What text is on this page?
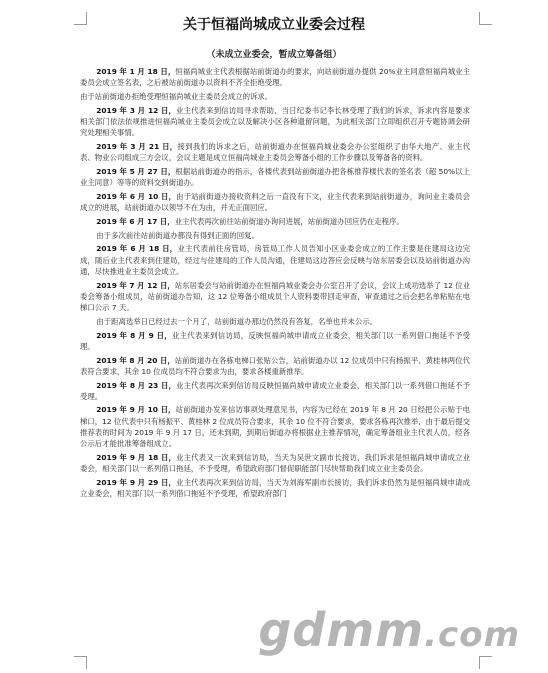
关于恒福尚城成立业委会过程
（未成立业委会，暂成立筹备组）

2019 年 1 月 18 日，恒福尚城业主代表根据站前街道办的要求，向站前街道办提供 20%业主同意恒福尚城业主委员会成立签名表，之后被站前街道办以资料不齐全拒绝受理。

由于站前街道办拒绝受理恒福尚城业主委员会成立的诉求。

2019 年 3 月 12 日，业主代表来到信访局寻求帮助，当日纪委书记李长林受理了我们的诉求，诉求内容是要求相关部门依法依规推进恒福尚城业主委员会成立以及解决小区各种遗留问题，为此相关部门立即组织召开专题协调会研究处理相关事情。

2019 年 3 月 21 日，接到我们的诉求之后，站前街道办在恒福尚城业委会办公室组织了由华大地产、业主代表、物业公司组成三方会议，会议主题是成立恒福尚城业主委员会筹备小组的工作步骤以及筹备各的资料。

2019 年 5 月 27 日，根据站前街道办的指示，各楼代表到站前街道办把各栋推荐楼代表的签名表（超 50%以上业主同意）等等的资料交到街道办。

2019 年 6 月 10 日，由于站前街道办接收资料之后一直没有下文，业主代表来到站前街道办，询问业主委员会成立的进展，站前街道办以领导不在为由，并无正面回应。

2019 年 6 月 17 日，业主代表再次前往站前街道办询问进展，站前街道办回应仍在走程序。

由于多次前往站前街道办都没有得到正面的回复。

2019 年 6 月 18 日，业主代表前往房管局，房管局工作人员告知小区业委会成立的工作主要是住建局这边完成，随后业主代表来到住建局，经过与住建局的工作人员沟通，住建局这边答应会反映与站东居委会以及站前街道办沟通，尽快推进业主委员会成立。

2019 年 7 月 12 日，站东居委会与站前街道办在恒福尚城业委会办公室召开了会议，会议上成功选举了 12 位业委会筹备小组成员，站前街道办告知，这 12 位筹备小组成员个人资料要带回走审查，审查通过之后会把名单粘贴在电梯口公示 7 天。

由于距离选举日已经过去一个月了，站前街道办那边仍然没有答复，名单也并未公示。

2019 年 8 月 9 日，业主代表来到信访局，反映恒福尚城申请成立业委会，相关部门以一系列借口拖延不予受理。

2019 年 8 月 20 日，站前街道办在各栋电梯口张贴公告，站前街道办以 12 位成员中只有杨振平、黄桂林两位代表符合要求，其余 10 位成员均不符合要求为由，要求各楼重新推举。

2019 年 8 月 23 日，业主代表再次来到信访局反映恒福尚城申请成立业委会，相关部门以一系列借口拖延不予受理。

2019 年 9 月 10 日，站前街道办发来信访事项处理意见书，内容为已经在 2019 年 8 月 20 日经把公示贴于电梯口，12 位代表中只有杨振平、黄桂林 2 位成员符合要求，其余 10 位不符合要求，要求各栋再次推举，由于最后提交推荐表的时间为 2019 年 9 月 17 日，还未到期，到期后街道办将根据业主推荐情况，确定筹备组业主代表人员，经各公示后才能批准筹备组成立。

2019 年 9 月 18 日，业主代表又一次来到信访局，当天为吴世文副市长接访，我们诉求是恒福尚城申请成立业委会，相关部门以一系列借口拖延，不予受理，希望政府部门督促职能部门尽快帮助我们成立业主委员会。

2019 年 9 月 29 日，业主代表再次来到信访局，当天为刘海军副市长接访，我们诉求仍然为是恒福尚城申请成立业委会，相关部门以一系列借口拖延不予受理，希望政府部门

gdmm.com
